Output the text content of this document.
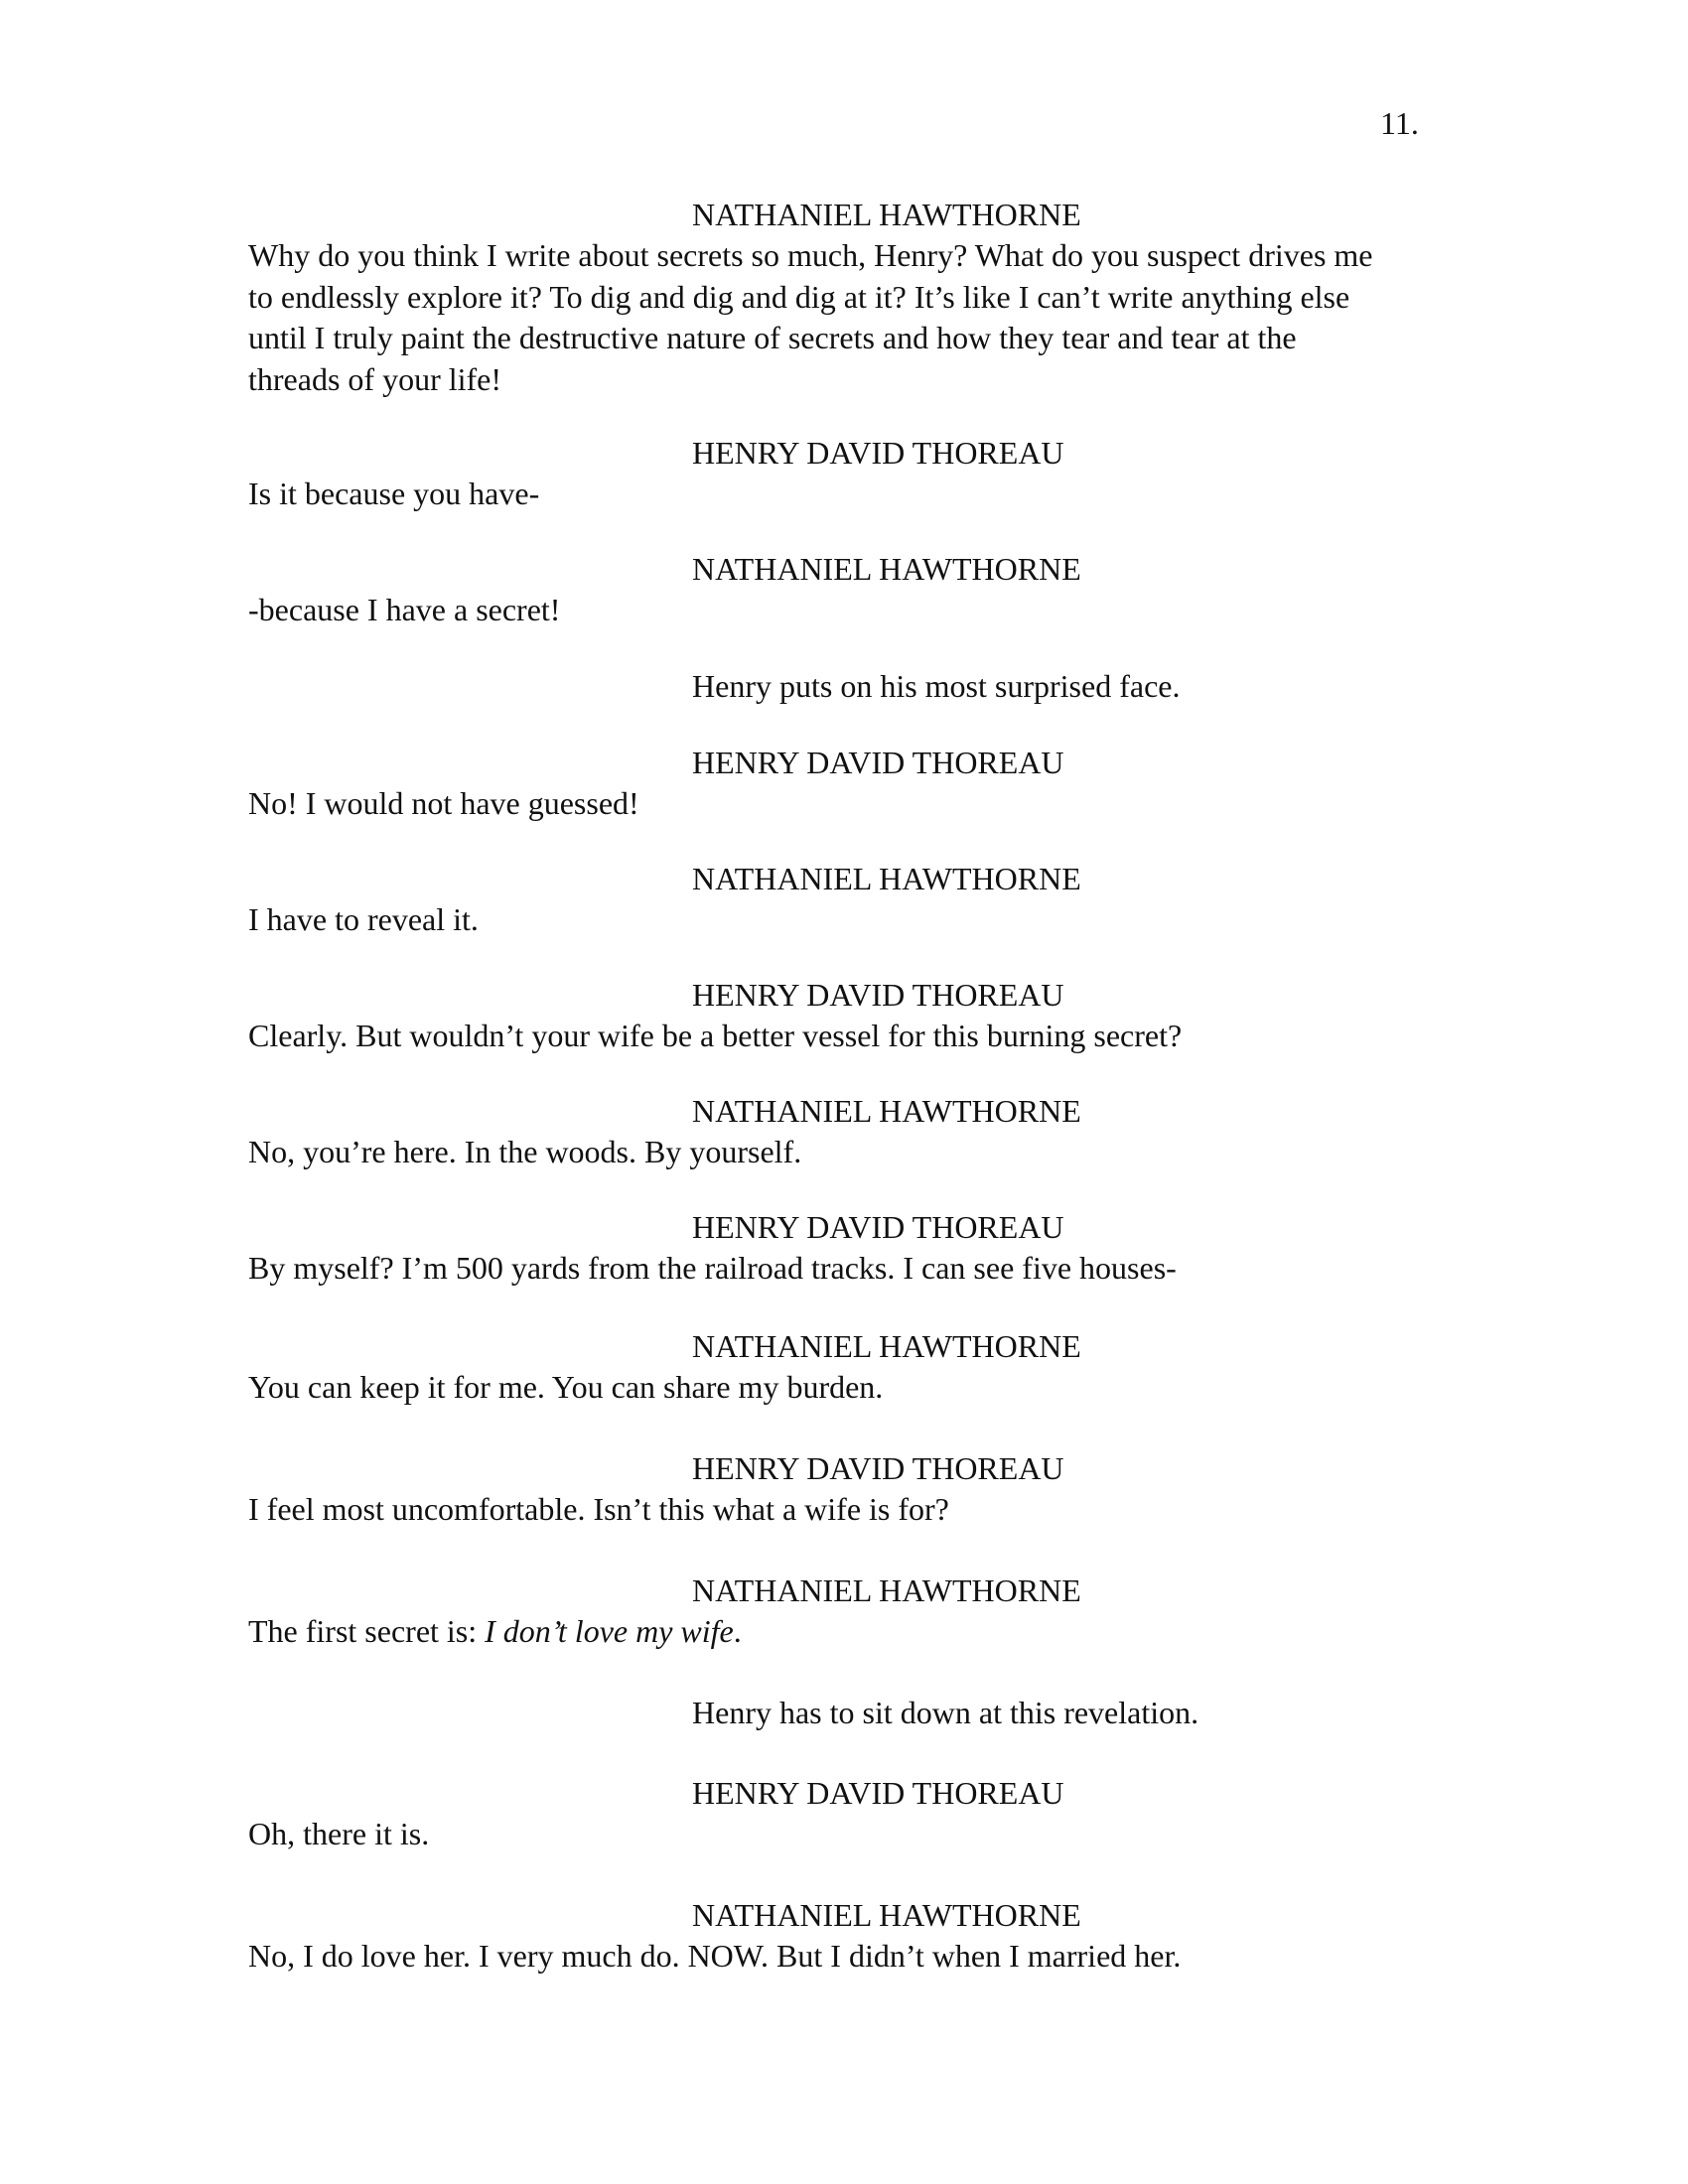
11.
NATHANIEL HAWTHORNE
Why do you think I write about secrets so much, Henry? What do you suspect drives me
to endlessly explore it? To dig and dig and dig at it? It’s like I can’t write anything else
until I truly paint the destructive nature of secrets and how they tear and tear at the
threads of your life!
HENRY DAVID THOREAU
Is it because you have-
NATHANIEL HAWTHORNE
-because I have a secret!
Henry puts on his most surprised face.
HENRY DAVID THOREAU
No! I would not have guessed!
NATHANIEL HAWTHORNE
I have to reveal it.
HENRY DAVID THOREAU
Clearly. But wouldn’t your wife be a better vessel for this burning secret?
NATHANIEL HAWTHORNE
No, you’re here. In the woods. By yourself.
HENRY DAVID THOREAU
By myself? I’m 500 yards from the railroad tracks. I can see five houses-
NATHANIEL HAWTHORNE
You can keep it for me. You can share my burden.
HENRY DAVID THOREAU
I feel most uncomfortable. Isn’t this what a wife is for?
NATHANIEL HAWTHORNE
The first secret is: I don’t love my wife.
Henry has to sit down at this revelation.
HENRY DAVID THOREAU
Oh, there it is.
NATHANIEL HAWTHORNE
No, I do love her. I very much do. NOW. But I didn’t when I married her.
